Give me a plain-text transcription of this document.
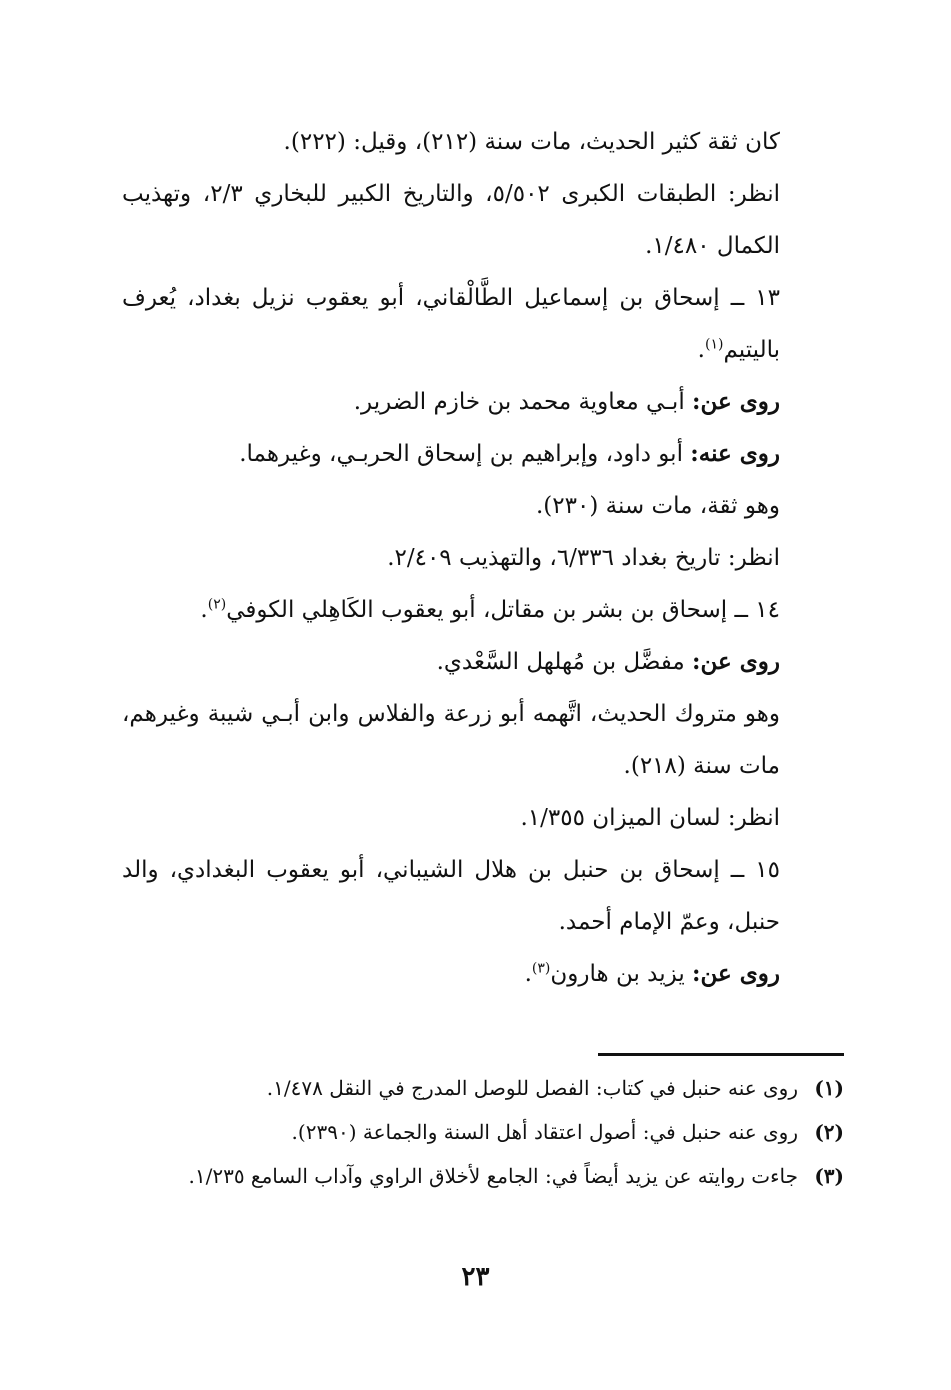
كان ثقة كثير الحديث، مات سنة (٢١٢)، وقيل: (٢٢٢).

انظر: الطبقات الكبرى ٥/٥٠٢، والتاريخ الكبير للبخاري ٢/٣، وتهذيب الكمال ١/٤٨٠.

١٣ ــ إسحاق بن إسماعيل الطَّالْقاني، أبو يعقوب نزيل بغداد، يُعرف باليتيم$^{(١)}$.

روى عن: أبـي معاوية محمد بن خازم الضرير.

روى عنه: أبو داود، وإبراهيم بن إسحاق الحربـي، وغيرهما.

وهو ثقة، مات سنة (٢٣٠).

انظر: تاريخ بغداد ٦/٣٣٦، والتهذيب ٢/٤٠٩.

١٤ ــ إسحاق بن بشر بن مقاتل، أبو يعقوب الكَاهِلي الكوفي$^{(٢)}$.

روى عن: مفضَّل بن مُهلهل السَّعْدي.

وهو متروك الحديث، اتَّهمه أبو زرعة والفلاس وابن أبـي شيبة وغيرهم، مات سنة (٢١٨).

انظر: لسان الميزان ١/٣٥٥.

١٥ ــ إسحاق بن حنبل بن هلال الشيباني، أبو يعقوب البغدادي، والد حنبل، وعمّ الإمام أحمد.

روى عن: يزيد بن هارون$^{(٣)}$.

(١)
روى عنه حنبل في كتاب: الفصل للوصل المدرج في النقل ١/٤٧٨.
(٢)
روى عنه حنبل في: أصول اعتقاد أهل السنة والجماعة (٢٣٩٠).
(٣)
جاءت روايته عن يزيد أيضاً في: الجامع لأخلاق الراوي وآداب السامع ١/٢٣٥.
٢٣
